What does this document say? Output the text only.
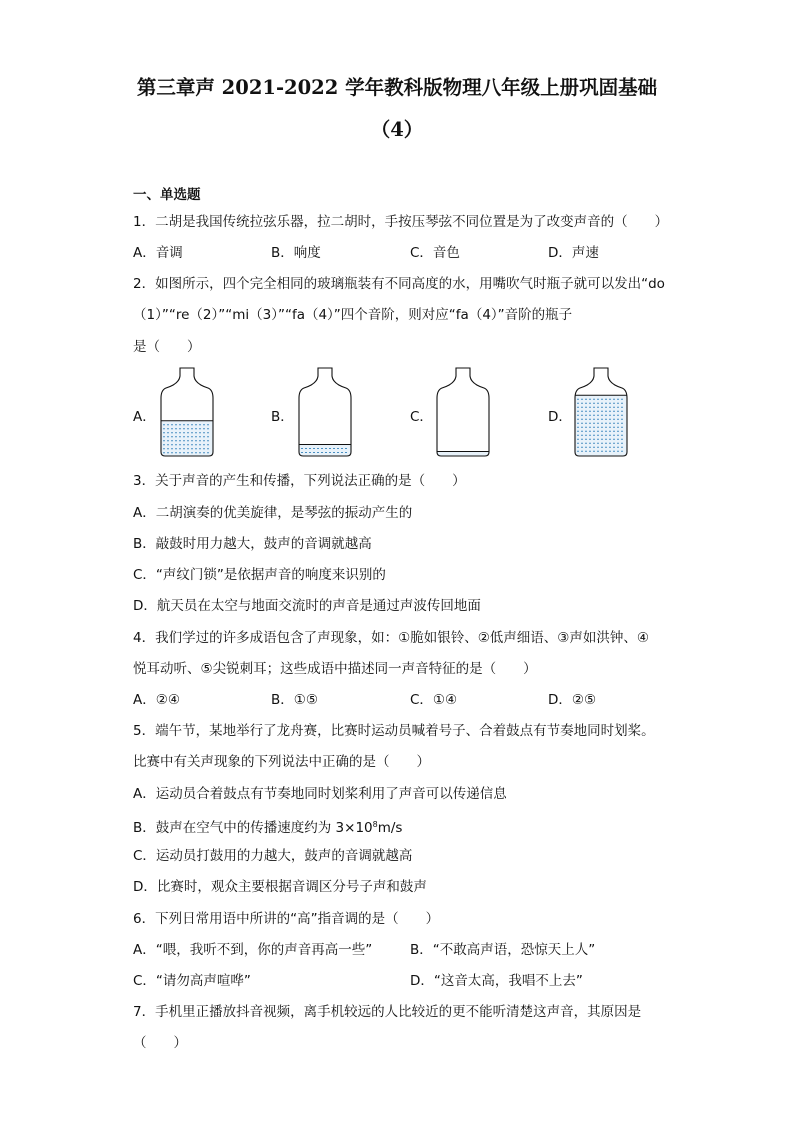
第三章声 2021-2022 学年教科版物理八年级上册巩固基础
（4）
一、单选题
1．二胡是我国传统拉弦乐器，拉二胡时，手按压琴弦不同位置是为了改变声音的（　　）
A．音调	B．响度	C．音色	D．声速
2．如图所示，四个完全相同的玻璃瓶装有不同高度的水，用嘴吹气时瓶子就可以发出“do
（1）”“re（2）”“mi（3）”“fa（4）”四个音阶，则对应“fa（4）”音阶的瓶子
是（　　）
A．	B．	C．	D．
3．关于声音的产生和传播，下列说法正确的是（　　）
A．二胡演奏的优美旋律，是琴弦的振动产生的
B．敲鼓时用力越大，鼓声的音调就越高
C．“声纹门锁”是依据声音的响度来识别的
D．航天员在太空与地面交流时的声音是通过声波传回地面
4．我们学过的许多成语包含了声现象，如：①脆如银铃、②低声细语、③声如洪钟、④
悦耳动听、⑤尖锐刺耳；这些成语中描述同一声音特征的是（　　）
A．②④	B．①⑤	C．①④	D．②⑤
5．端午节，某地举行了龙舟赛，比赛时运动员喊着号子、合着鼓点有节奏地同时划桨。
比赛中有关声现象的下列说法中正确的是（　　）
A．运动员合着鼓点有节奏地同时划桨利用了声音可以传递信息
B．鼓声在空气中的传播速度约为 $3\times 10^8m/s$
C．运动员打鼓用的力越大，鼓声的音调就越高
D．比赛时，观众主要根据音调区分号子声和鼓声
6．下列日常用语中所讲的“高”指音调的是（　　）
A．“喂，我听不到，你的声音再高一些”	B．“不敢高声语，恐惊天上人”
C．“请勿高声喧哗”	D．“这音太高，我唱不上去”
7．手机里正播放抖音视频，离手机较远的人比较近的更不能听清楚这声音，其原因是
（　　）
